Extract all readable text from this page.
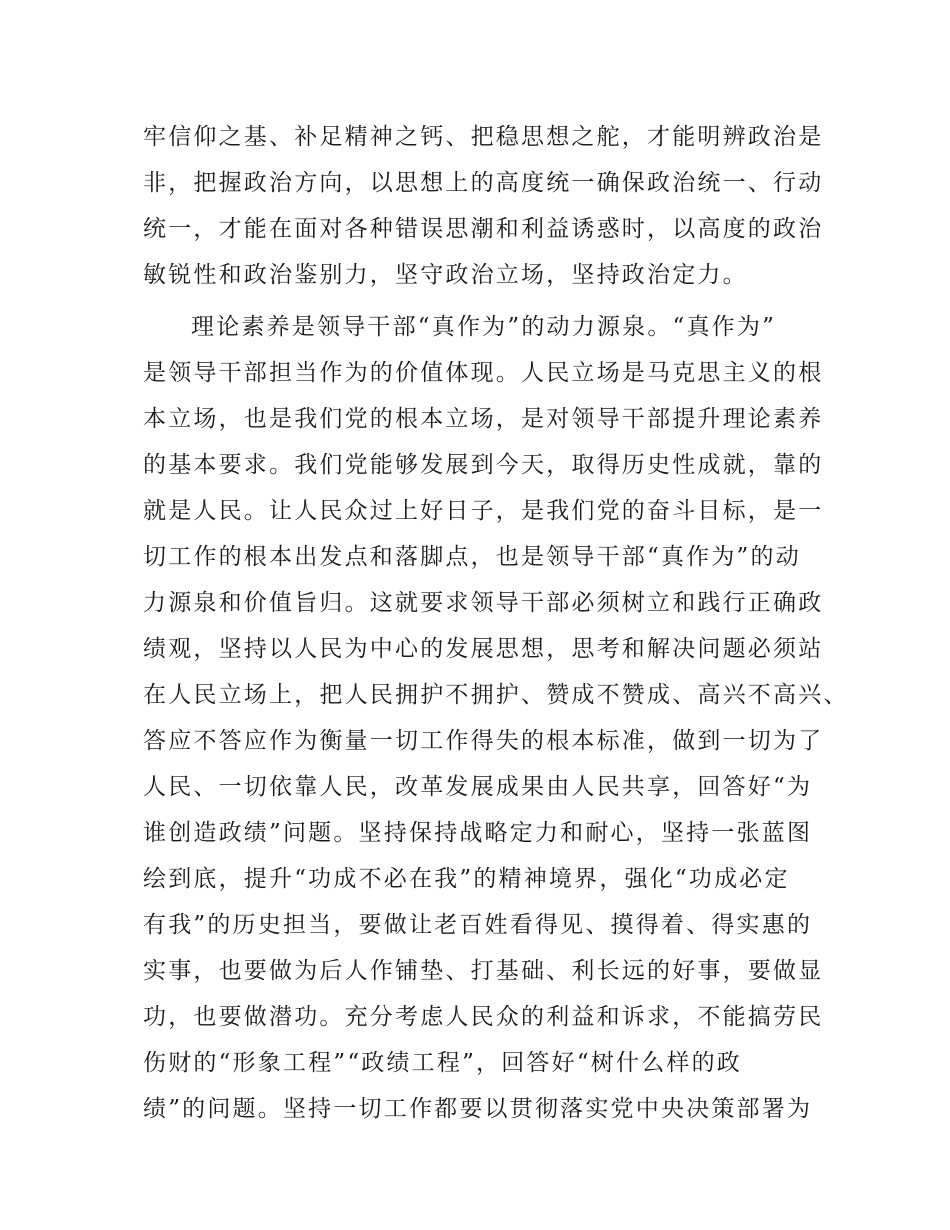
牢信仰之基、补足精神之钙、把稳思想之舵，才能明辨政治是
非，把握政治方向，以思想上的高度统一确保政治统一、行动
统一，才能在面对各种错误思潮和利益诱惑时，以高度的政治
敏锐性和政治鉴别力，坚守政治立场，坚持政治定力。
理论素养是领导干部“真作为”的动力源泉。“真作为”
是领导干部担当作为的价值体现。人民立场是马克思主义的根
本立场，也是我们党的根本立场，是对领导干部提升理论素养
的基本要求。我们党能够发展到今天，取得历史性成就，靠的
就是人民。让人民众过上好日子，是我们党的奋斗目标，是一
切工作的根本出发点和落脚点，也是领导干部“真作为”的动
力源泉和价值旨归。这就要求领导干部必须树立和践行正确政
绩观，坚持以人民为中心的发展思想，思考和解决问题必须站
在人民立场上，把人民拥护不拥护、赞成不赞成、高兴不高兴、
答应不答应作为衡量一切工作得失的根本标准，做到一切为了
人民、一切依靠人民，改革发展成果由人民共享，回答好“为
谁创造政绩”问题。坚持保持战略定力和耐心，坚持一张蓝图
绘到底，提升“功成不必在我”的精神境界，强化“功成必定
有我”的历史担当，要做让老百姓看得见、摸得着、得实惠的
实事，也要做为后人作铺垫、打基础、利长远的好事，要做显
功，也要做潜功。充分考虑人民众的利益和诉求，不能搞劳民
伤财的“形象工程”“政绩工程”，回答好“树什么样的政
绩”的问题。坚持一切工作都要以贯彻落实党中央决策部署为
